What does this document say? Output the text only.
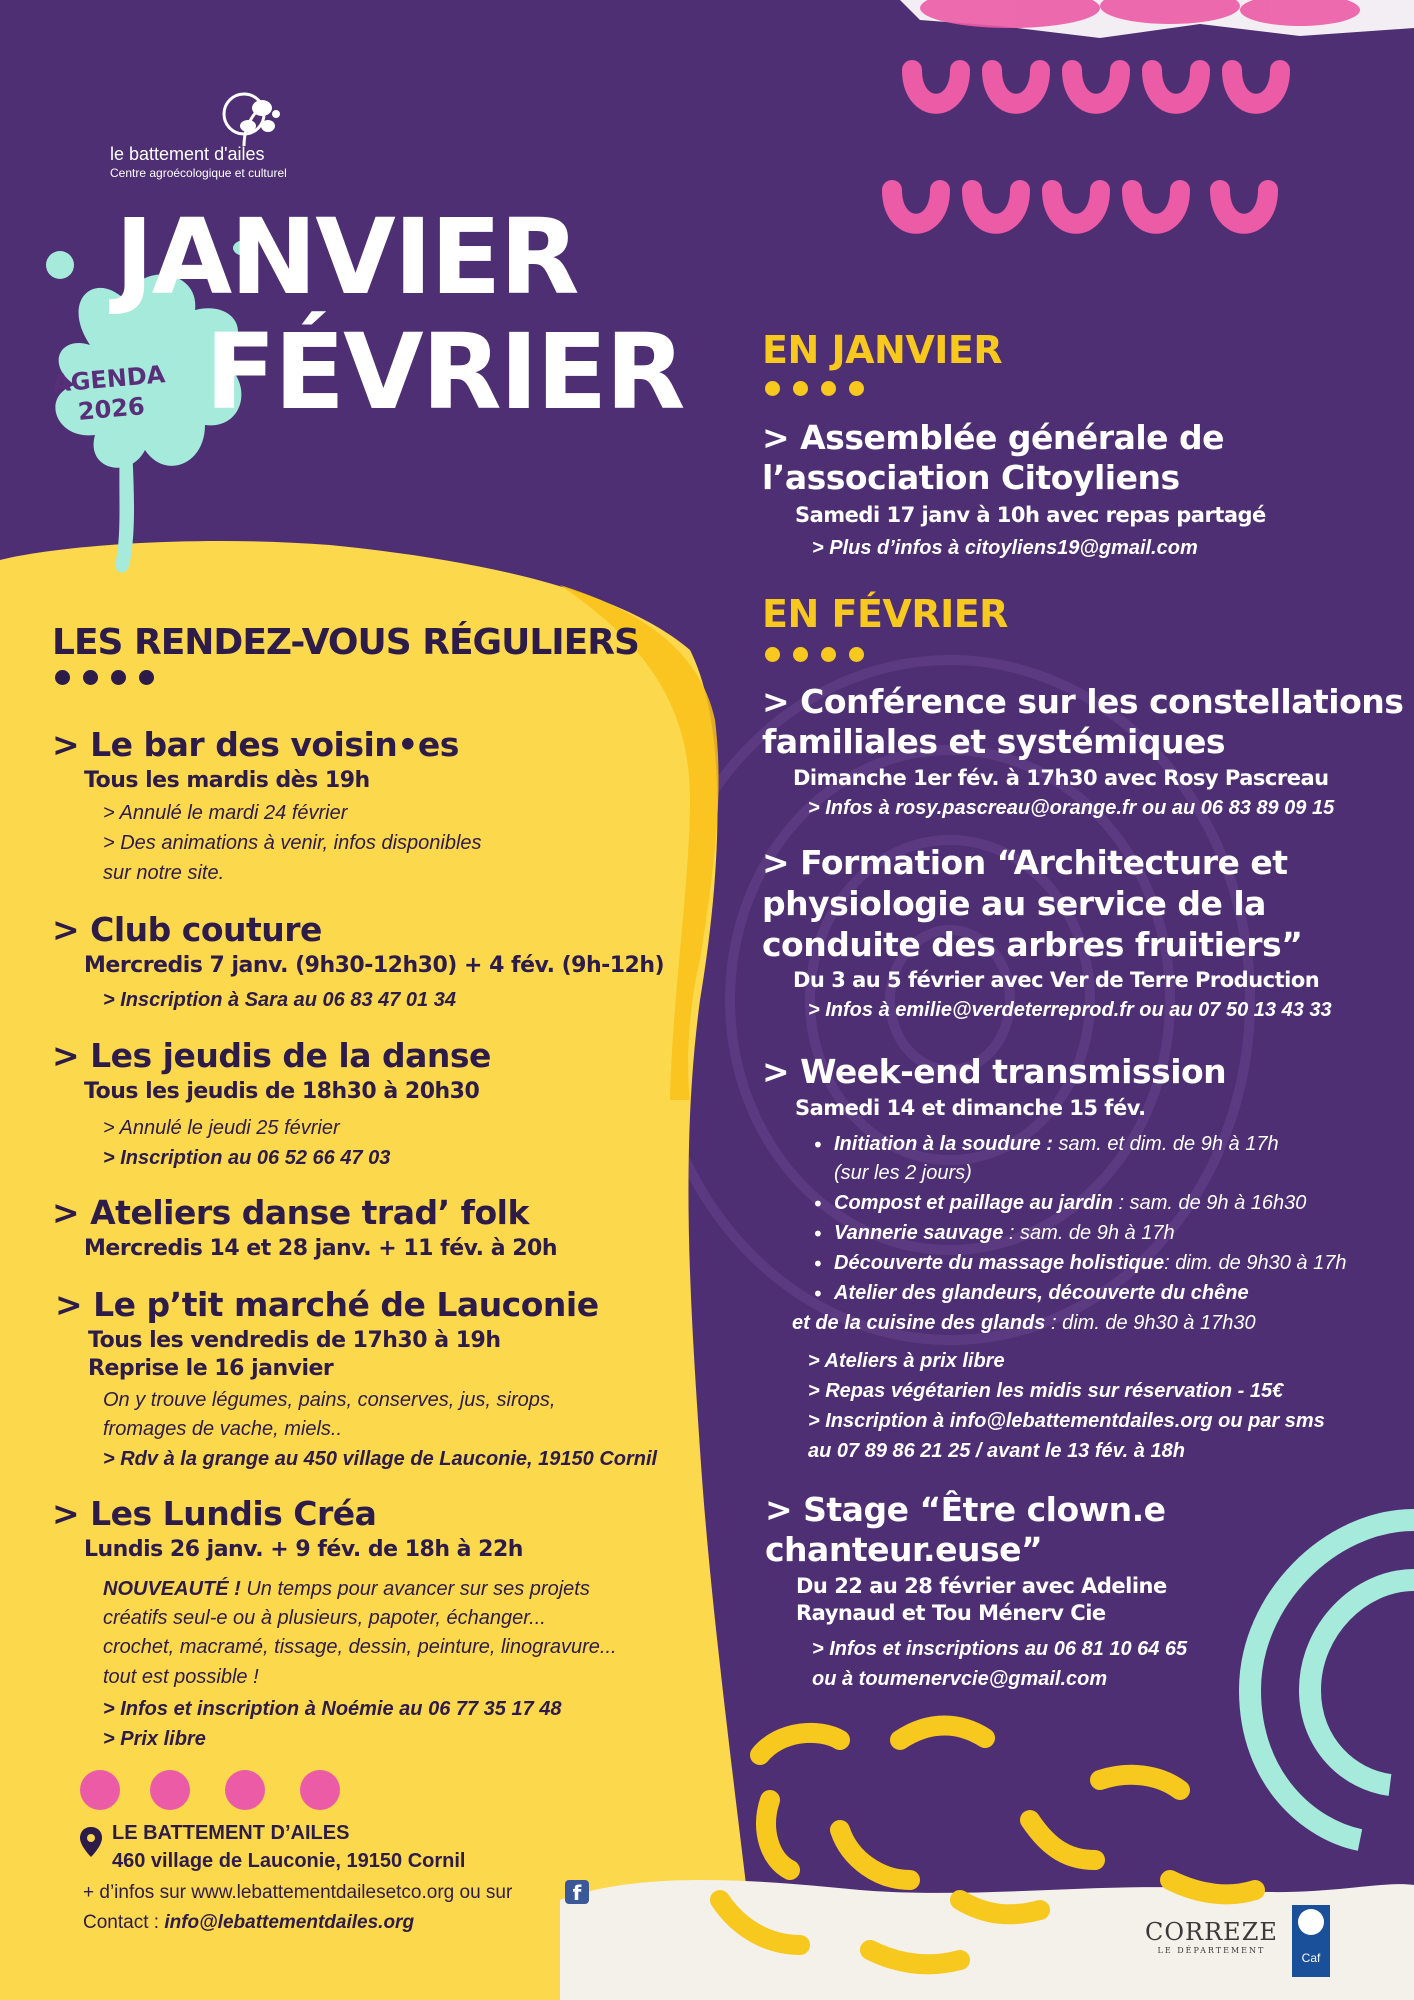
le battement d'ailes
Centre agroécologique et culturel
JANVIER
FÉVRIER
AGENDA
2026
LES RENDEZ-VOUS RÉGULIERS
> Le bar des voisin•es
Tous les mardis dès 19h
> Annulé le mardi 24 février
> Des animations à venir, infos disponibles
sur notre site.
> Club couture
Mercredis 7 janv. (9h30-12h30) + 4 fév. (9h-12h)
> Inscription à Sara au 06 83 47 01 34
> Les jeudis de la danse
Tous les jeudis de 18h30 à 20h30
> Annulé le jeudi 25 février
> Inscription au 06 52 66 47 03
> Ateliers danse trad’ folk
Mercredis 14 et 28 janv. + 11 fév. à 20h
> Le p’tit marché de Lauconie
Tous les vendredis de 17h30 à 19h
Reprise le 16 janvier
On y trouve légumes, pains, conserves, jus, sirops,
fromages de vache, miels..
> Rdv à la grange au 450 village de Lauconie, 19150 Cornil
> Les Lundis Créa
Lundis 26 janv. + 9 fév. de 18h à 22h
NOUVEAUTÉ ! Un temps pour avancer sur ses projets
créatifs seul-e ou à plusieurs, papoter, échanger...
crochet, macramé, tissage, dessin, peinture, linogravure...
tout est possible !
> Infos et inscription à Noémie au 06 77 35 17 48
> Prix libre
LE BATTEMENT D’AILES
460 village de Lauconie, 19150 Cornil
+ d’infos sur www.lebattementdailesetco.org ou sur	f
Contact : info@lebattementdailes.org	CORREZE
LE DÉPARTEMENT
Caf
EN JANVIER
> Assemblée générale de
l’association Citoyliens
Samedi 17 janv à 10h avec repas partagé
> Plus d’infos à citoyliens19@gmail.com
EN FÉVRIER
> Conférence sur les constellations
familiales et systémiques
Dimanche 1er fév. à 17h30 avec Rosy Pascreau
> Infos à rosy.pascreau@orange.fr ou au 06 83 89 09 15
> Formation “Architecture et
physiologie au service de la
conduite des arbres fruitiers”
Du 3 au 5 février avec Ver de Terre Production
> Infos à emilie@verdeterreprod.fr ou au 07 50 13 43 33
> Week-end transmission
Samedi 14 et dimanche 15 fév.
• Initiation à la soudure : sam. et dim. de 9h à 17h
(sur les 2 jours)
• Compost et paillage au jardin : sam. de 9h à 16h30
• Vannerie sauvage : sam. de 9h à 17h
• Découverte du massage holistique: dim. de 9h30 à 17h
• Atelier des glandeurs, découverte du chêne
et de la cuisine des glands : dim. de 9h30 à 17h30
> Ateliers à prix libre
> Repas végétarien les midis sur réservation - 15€
> Inscription à info@lebattementdailes.org ou par sms
au 07 89 86 21 25 / avant le 13 fév. à 18h
> Stage “Être clown.e
chanteur.euse”
Du 22 au 28 février avec Adeline
Raynaud et Tou Ménerv Cie
> Infos et inscriptions au 06 81 10 64 65
ou à toumenervcie@gmail.com
